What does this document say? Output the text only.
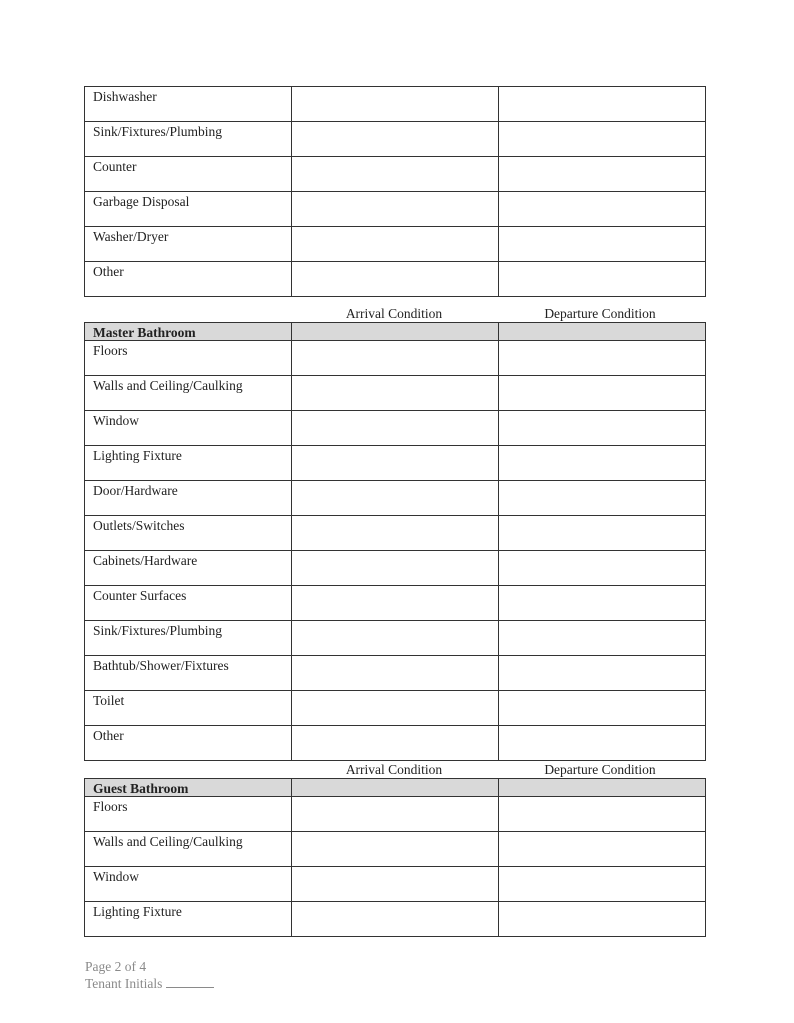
Dishwasher		
Sink/Fixtures/Plumbing		
Counter		
Garbage Disposal		
Washer/Dryer		
Other		
Arrival Condition	Departure Condition
Master Bathroom		
Floors		
Walls and Ceiling/Caulking		
Window		
Lighting Fixture		
Door/Hardware		
Outlets/Switches		
Cabinets/Hardware		
Counter Surfaces		
Sink/Fixtures/Plumbing		
Bathtub/Shower/Fixtures		
Toilet		
Other		
Arrival Condition	Departure Condition
Guest Bathroom		
Floors		
Walls and Ceiling/Caulking		
Window		
Lighting Fixture		
Page 2 of 4
Tenant Initials
